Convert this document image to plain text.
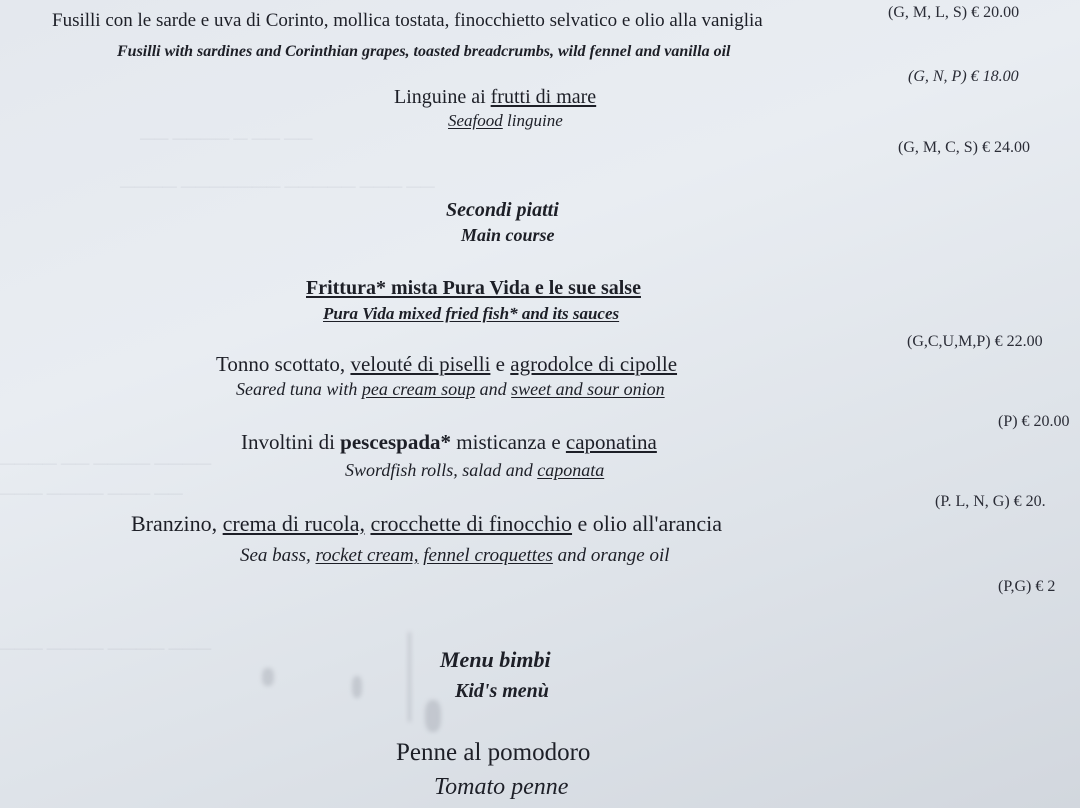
—— ———— — —— ——
———— ——————— ————— ——— ——
———— —— ———— ————
——— ———— ——— ——
——— ———— ———— ———

(G, M, L, S) € 20.00

Fusilli con le sarde e uva di Corinto, mollica tostata, finocchietto selvatico e olio alla vaniglia

Fusilli with sardines and Corinthian grapes, toasted breadcrumbs, wild fennel and vanilla oil

(G, N, P) € 18.00

Linguine ai frutti di mare

Seafood linguine

(G, M, C, S) € 24.00

Secondi piatti

Main course

Frittura* mista Pura Vida e le sue salse

Pura Vida mixed fried fish* and its sauces

(G,C,U,M,P) € 22.00

Tonno scottato, velouté di piselli e agrodolce di cipolle

Seared tuna with pea cream soup and sweet and sour onion

(P) € 20.00

Involtini di pescespada* misticanza e caponatina

Swordfish rolls, salad and caponata

(P. L, N, G) € 20.

Branzino, crema di rucola, crocchette di finocchio e olio all'arancia

Sea bass, rocket cream, fennel croquettes and orange oil

(P,G) € 2

Menu bimbi

Kid's menù

Penne al pomodoro

Tomato penne
